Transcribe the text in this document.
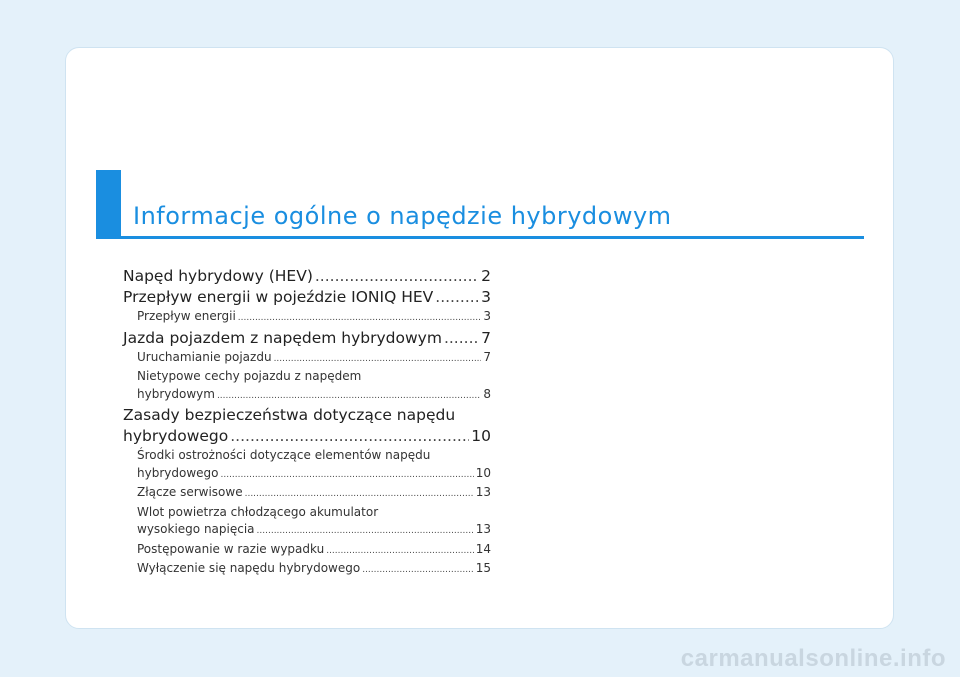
Informacje ogólne o napędzie hybrydowym
Napęd hybrydowy (HEV) .....	2
Przepływ energii w pojeździe IONIQ HEV .....	3
Przepływ energii .....	3
Jazda pojazdem z napędem hybrydowym .....	7
Uruchamianie pojazdu .....	7
Nietypowe cechy pojazdu z napędem
hybrydowym .....	8
Zasady bezpieczeństwa dotyczące napędu
hybrydowego .....	10
Środki ostrożności dotyczące elementów napędu
hybrydowego .....	10
Złącze serwisowe .....	13
Wlot powietrza chłodzącego akumulator
wysokiego napięcia .....	13
Postępowanie w razie wypadku .....	14
Wyłączenie się napędu hybrydowego .....	15
carmanualsonline.info
